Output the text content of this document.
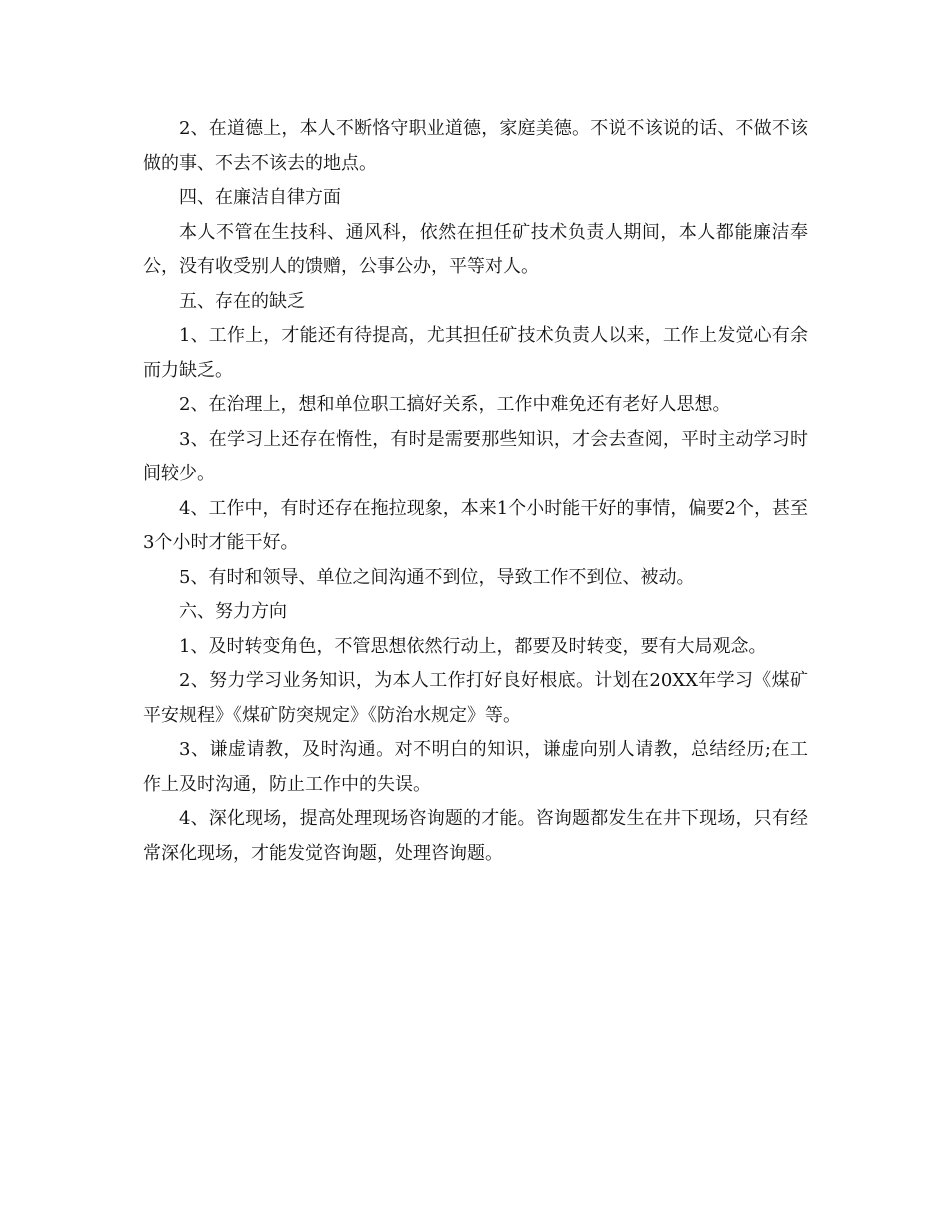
2、在道德上，本人不断恪守职业道德，家庭美德。不说不该说的话、不做不该做的事、不去不该去的地点。

四、在廉洁自律方面

本人不管在生技科、通风科，依然在担任矿技术负责人期间，本人都能廉洁奉公，没有收受别人的馈赠，公事公办，平等对人。

五、存在的缺乏

1、工作上，才能还有待提高，尤其担任矿技术负责人以来，工作上发觉心有余而力缺乏。

2、在治理上，想和单位职工搞好关系，工作中难免还有老好人思想。

3、在学习上还存在惰性，有时是需要那些知识，才会去查阅，平时主动学习时间较少。

4、工作中，有时还存在拖拉现象，本来1个小时能干好的事情，偏要2个，甚至3个小时才能干好。

5、有时和领导、单位之间沟通不到位，导致工作不到位、被动。

六、努力方向

1、及时转变角色，不管思想依然行动上，都要及时转变，要有大局观念。

2、努力学习业务知识，为本人工作打好良好根底。计划在20XX年学习《煤矿平安规程》《煤矿防突规定》《防治水规定》等。

3、谦虚请教，及时沟通。对不明白的知识，谦虚向别人请教，总结经历;在工作上及时沟通，防止工作中的失误。

4、深化现场，提高处理现场咨询题的才能。咨询题都发生在井下现场，只有经常深化现场，才能发觉咨询题，处理咨询题。
